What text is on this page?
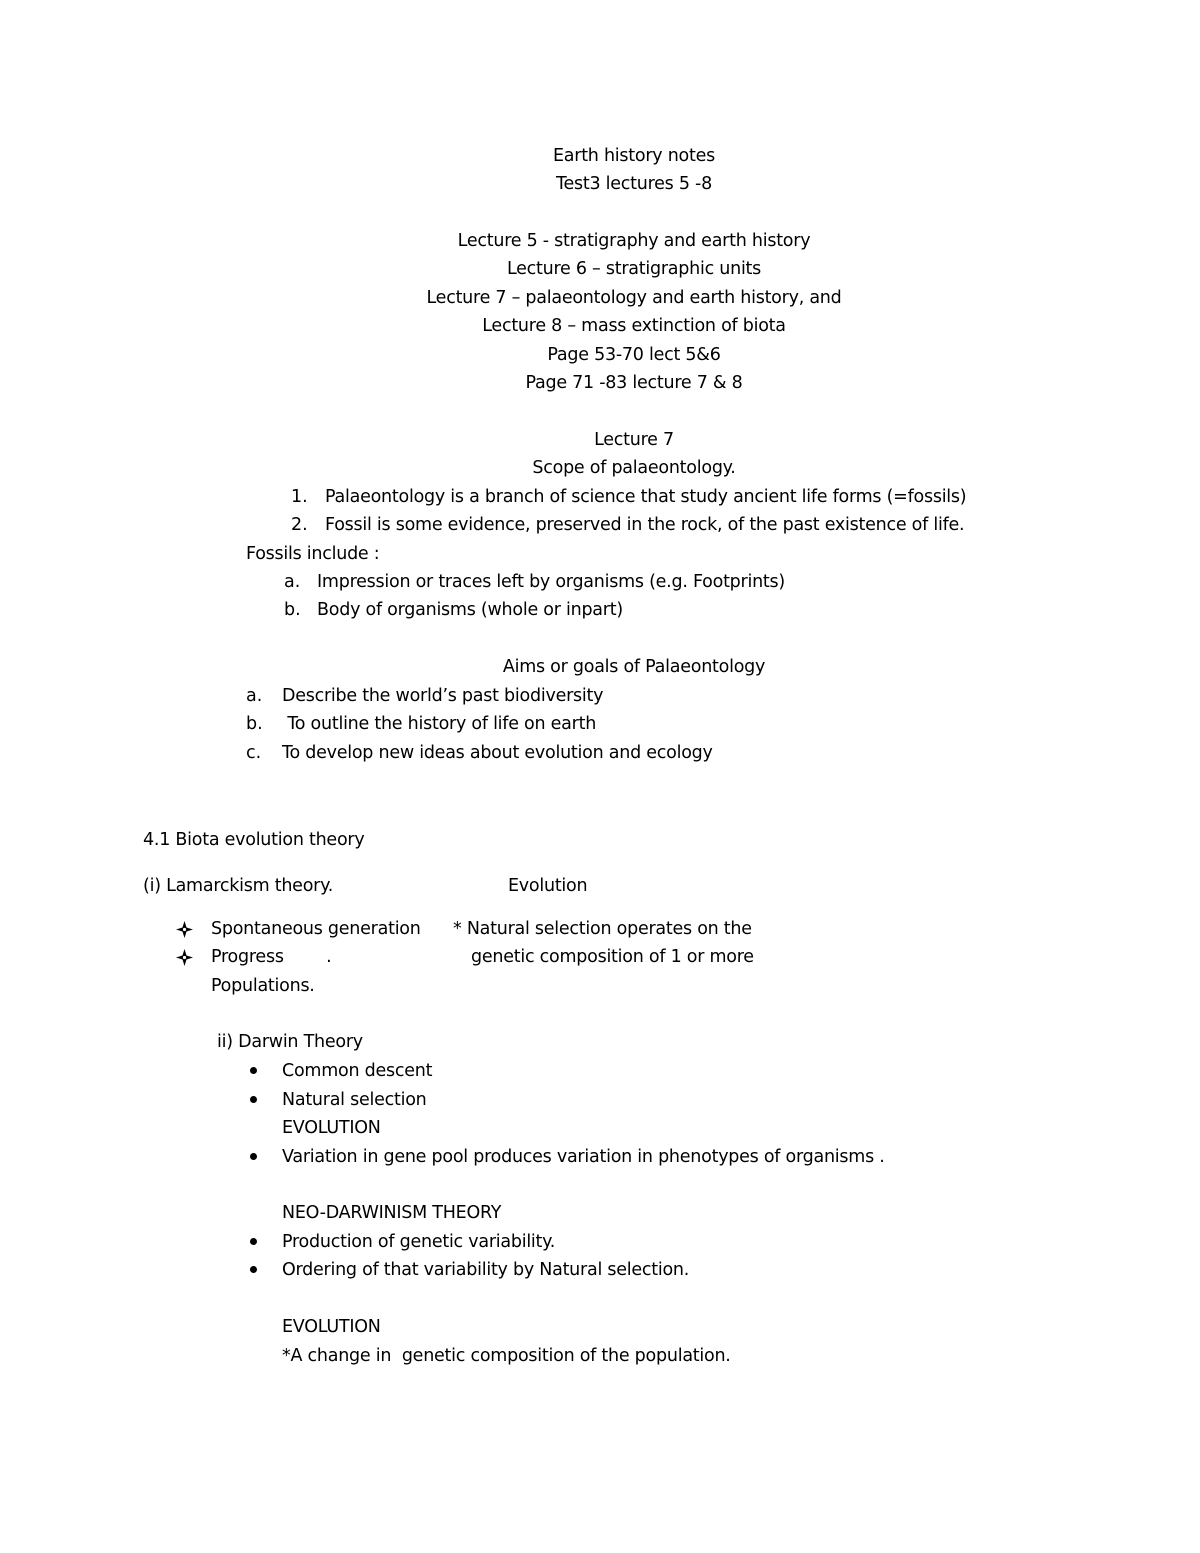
Earth history notes
Test3 lectures 5 -8
Lecture 5 - stratigraphy and earth history
Lecture 6 – stratigraphic units
Lecture 7 – palaeontology and earth history, and
Lecture 8 – mass extinction of biota
Page 53-70 lect 5&6
Page 71 -83 lecture 7 & 8
Lecture 7
Scope of palaeontology.
1. Palaeontology is a branch of science that study ancient life forms (=fossils)
2. Fossil is some evidence, preserved in the rock, of the past existence of life.
Fossils include :
a. Impression or traces left by organisms (e.g. Footprints)
b. Body of organisms (whole or inpart)
Aims or goals of Palaeontology
a. Describe the world’s past biodiversity
b. To outline the history of life on earth
c. To develop new ideas about evolution and ecology
4.1 Biota evolution theory
(i) Lamarckism theory.	Evolution
Spontaneous generation * Natural selection operates on the
Progress        .	genetic composition of 1 or more
Populations.
ii) Darwin Theory
Common descent
Natural selection
EVOLUTION
Variation in gene pool produces variation in phenotypes of organisms .
NEO-DARWINISM THEORY
Production of genetic variability.
Ordering of that variability by Natural selection.
EVOLUTION
*A change in  genetic composition of the population.
